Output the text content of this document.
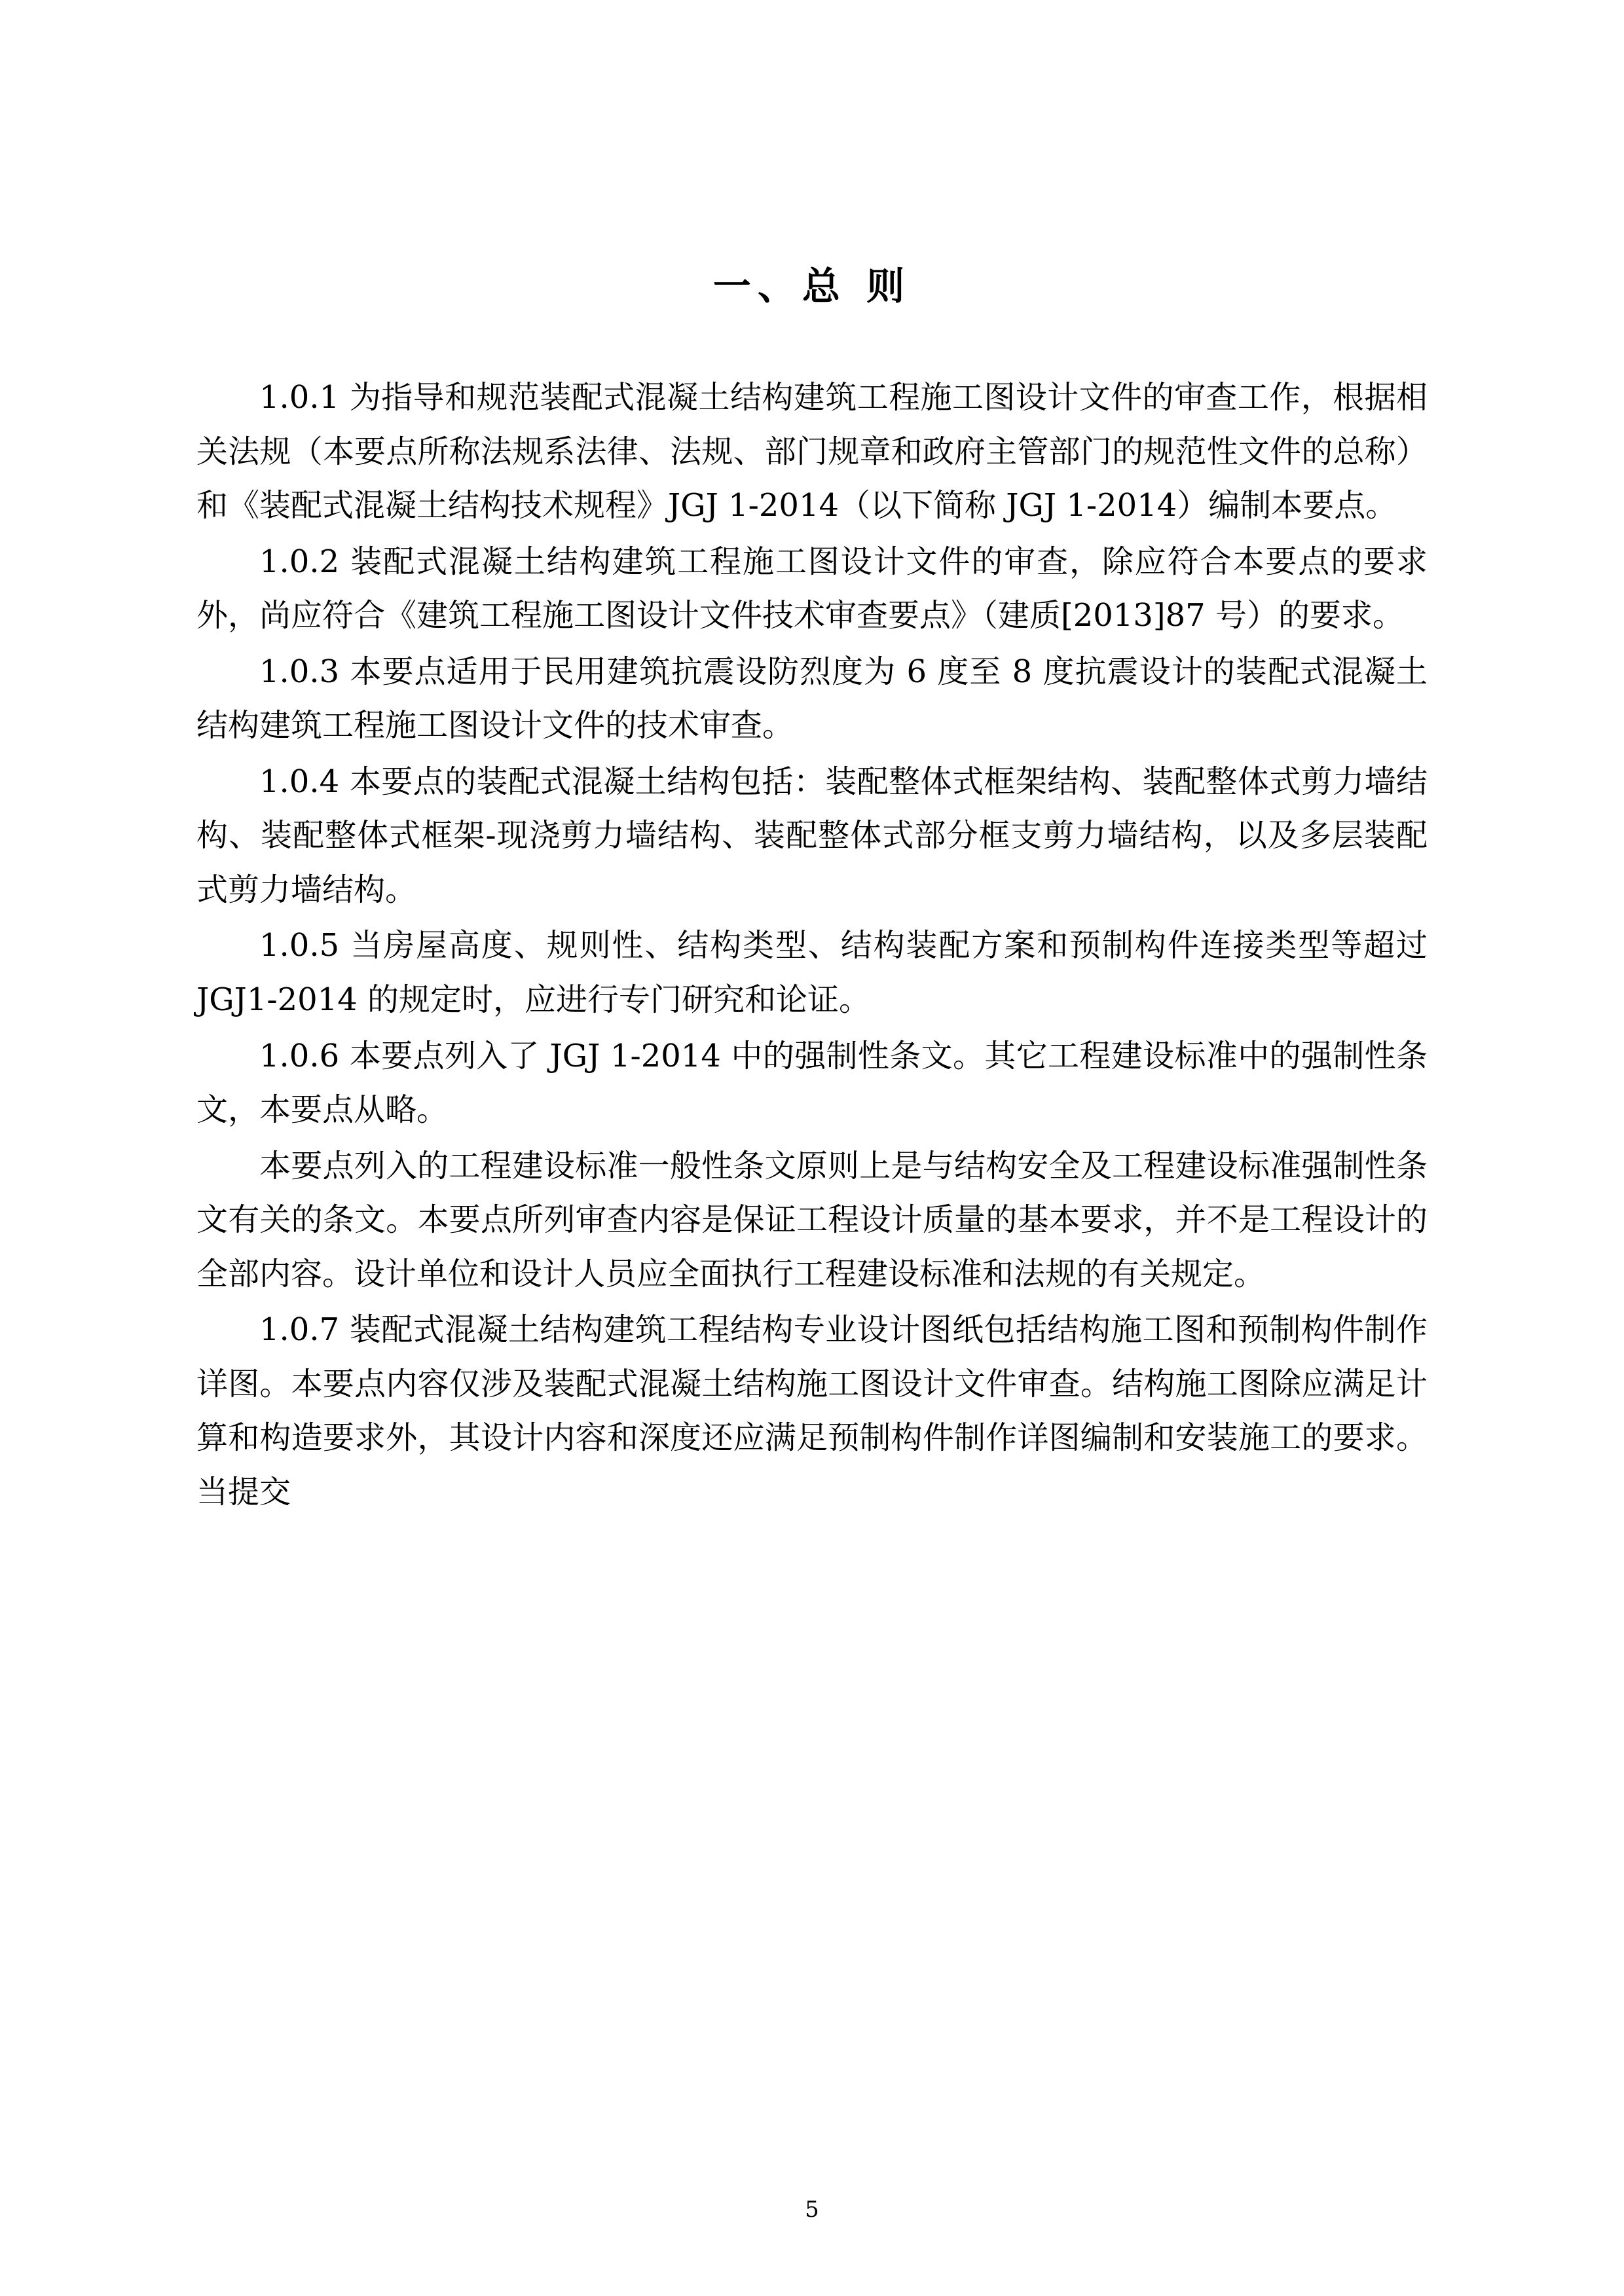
一、总 则

1.0.1 为指导和规范装配式混凝土结构建筑工程施工图设计文件的审查工作，根据相关法规（本要点所称法规系法律、法规、部门规章和政府主管部门的规范性文件的总称）和《装配式混凝土结构技术规程》JGJ 1-2014（以下简称 JGJ 1-2014）编制本要点。

1.0.2 装配式混凝土结构建筑工程施工图设计文件的审查，除应符合本要点的要求外，尚应符合《建筑工程施工图设计文件技术审查要点》（建质[2013]87 号）的要求。

1.0.3 本要点适用于民用建筑抗震设防烈度为 6 度至 8 度抗震设计的装配式混凝土结构建筑工程施工图设计文件的技术审查。

1.0.4 本要点的装配式混凝土结构包括：装配整体式框架结构、装配整体式剪力墙结构、装配整体式框架-现浇剪力墙结构、装配整体式部分框支剪力墙结构，以及多层装配式剪力墙结构。

1.0.5 当房屋高度、规则性、结构类型、结构装配方案和预制构件连接类型等超过 JGJ1-2014 的规定时，应进行专门研究和论证。

1.0.6 本要点列入了 JGJ 1-2014 中的强制性条文。其它工程建设标准中的强制性条文，本要点从略。

本要点列入的工程建设标准一般性条文原则上是与结构安全及工程建设标准强制性条文有关的条文。本要点所列审查内容是保证工程设计质量的基本要求，并不是工程设计的全部内容。设计单位和设计人员应全面执行工程建设标准和法规的有关规定。

1.0.7 装配式混凝土结构建筑工程结构专业设计图纸包括结构施工图和预制构件制作详图。本要点内容仅涉及装配式混凝土结构施工图设计文件审查。结构施工图除应满足计算和构造要求外，其设计内容和深度还应满足预制构件制作详图编制和安装施工的要求。当提交

5
